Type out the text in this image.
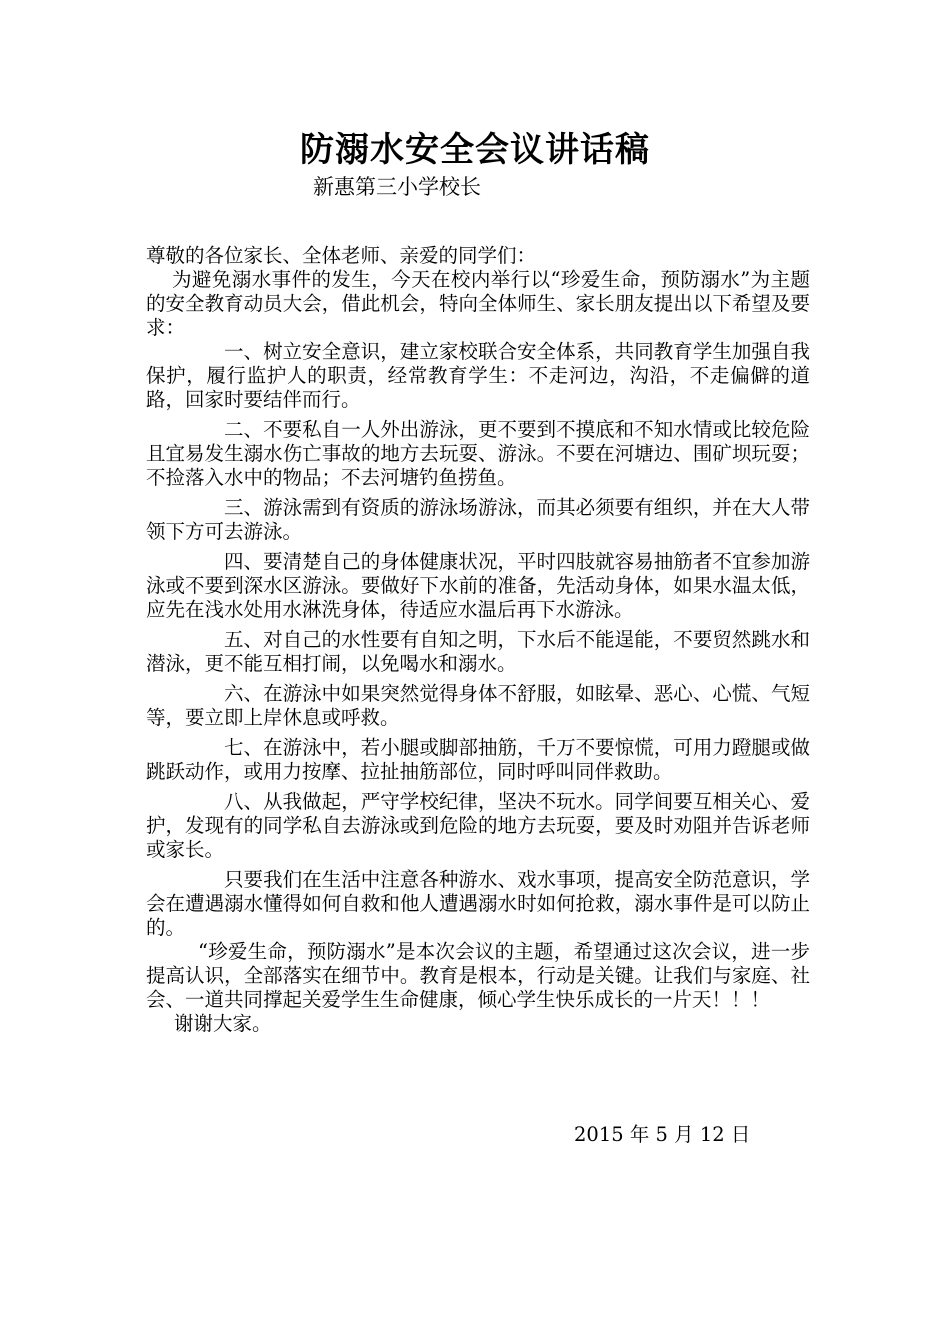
防溺水安全会议讲话稿
新惠第三小学校长

尊敬的各位家长、全体老师、亲爱的同学们：

为避免溺水事件的发生，今天在校内举行以“珍爱生命，预防溺水”为主题的安全教育动员大会，借此机会，特向全体师生、家长朋友提出以下希望及要求：

一、树立安全意识，建立家校联合安全体系，共同教育学生加强自我保护，履行监护人的职责，经常教育学生：不走河边，沟沿，不走偏僻的道路，回家时要结伴而行。

二、不要私自一人外出游泳，更不要到不摸底和不知水情或比较危险且宜易发生溺水伤亡事故的地方去玩耍、游泳。不要在河塘边、围矿坝玩耍；不捡落入水中的物品；不去河塘钓鱼捞鱼。

三、游泳需到有资质的游泳场游泳，而其必须要有组织，并在大人带领下方可去游泳。

四、要清楚自己的身体健康状况，平时四肢就容易抽筋者不宜参加游泳或不要到深水区游泳。要做好下水前的准备，先活动身体，如果水温太低，应先在浅水处用水淋洗身体，待适应水温后再下水游泳。

五、对自己的水性要有自知之明，下水后不能逞能，不要贸然跳水和潜泳，更不能互相打闹，以免喝水和溺水。

六、在游泳中如果突然觉得身体不舒服，如眩晕、恶心、心慌、气短等，要立即上岸休息或呼救。

七、在游泳中，若小腿或脚部抽筋，千万不要惊慌，可用力蹬腿或做跳跃动作，或用力按摩、拉扯抽筋部位，同时呼叫同伴救助。

八、从我做起，严守学校纪律，坚决不玩水。同学间要互相关心、爱护，发现有的同学私自去游泳或到危险的地方去玩耍，要及时劝阻并告诉老师或家长。

只要我们在生活中注意各种游水、戏水事项，提高安全防范意识，学会在遭遇溺水懂得如何自救和他人遭遇溺水时如何抢救，溺水事件是可以防止的。

“珍爱生命，预防溺水”是本次会议的主题，希望通过这次会议，进一步提高认识，全部落实在细节中。教育是根本，行动是关键。让我们与家庭、社会、一道共同撑起关爱学生生命健康，倾心学生快乐成长的一片天！！！

谢谢大家。

2015 年 5 月 12 日
